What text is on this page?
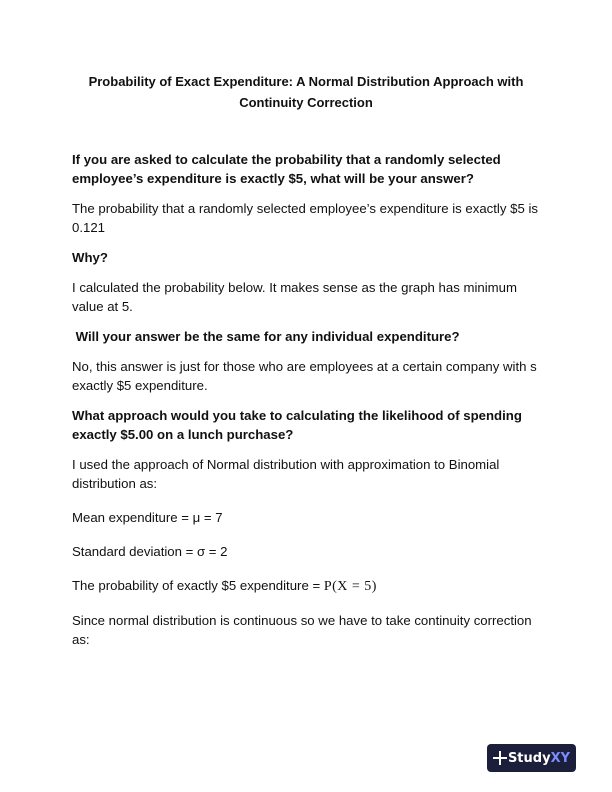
Probability of Exact Expenditure: A Normal Distribution Approach with
Continuity Correction

If you are asked to calculate the probability that a randomly selected employee’s expenditure is exactly $5, what will be your answer?

The probability that a randomly selected employee’s expenditure is exactly $5 is 0.121

Why?

I calculated the probability below. It makes sense as the graph has minimum value at 5.

Will your answer be the same for any individual expenditure?

No, this answer is just for those who are employees at a certain company with s exactly $5 expenditure.

What approach would you take to calculating the likelihood of spending exactly $5.00 on a lunch purchase?

I used the approach of Normal distribution with approximation to Binomial distribution as:

Mean expenditure = μ = 7

Standard deviation = σ = 2

The probability of exactly $5 expenditure = P(X = 5)

Since normal distribution is continuous so we have to take continuity correction as:

StudyXY
